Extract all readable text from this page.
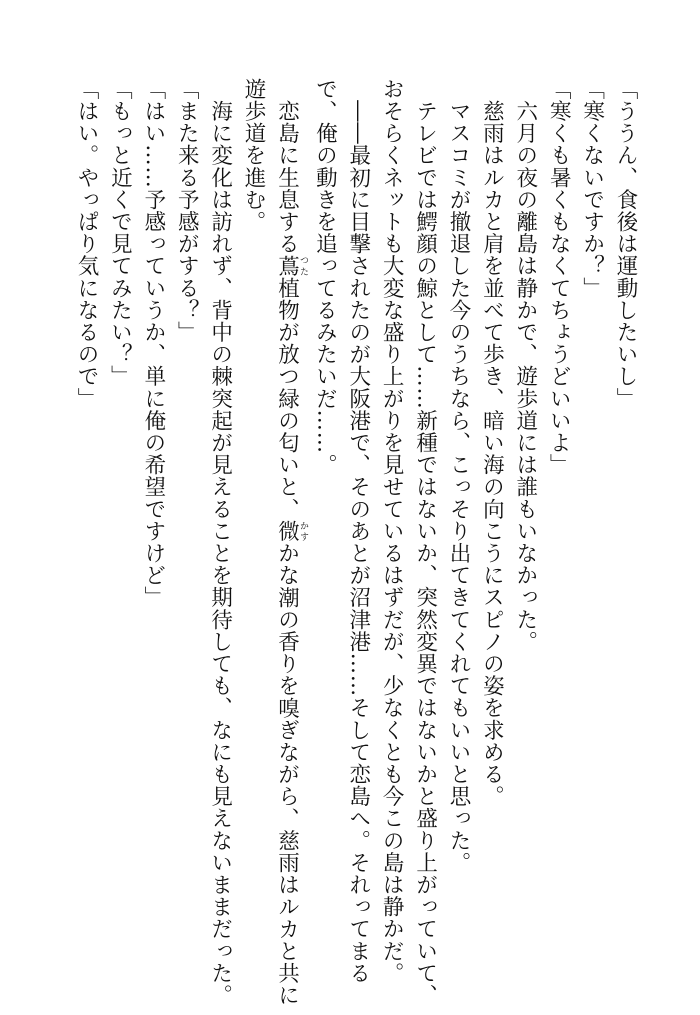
「ううん、食後は運動したいし」
「寒くないですか？」
「寒くも暑くもなくてちょうどいいよ」
　六月の夜の離島は静かで、遊歩道には誰もいなかった。
　慈雨はルカと肩を並べて歩き、暗い海の向こうにスピノの姿を求める。
　マスコミが撤退した今のうちなら、こっそり出てきてくれてもいいと思った。
　テレビでは鰐顔の鯨として……新種ではないか、突然変異ではないかと盛り上がっていて、
おそらくネットも大変な盛り上がりを見せているはずだが、少なくとも今この島は静かだ。
　――最初に目撃されたのが大阪港で、そのあとが沼津港……そして恋島へ。それってまる
で、俺の動きを追ってるみたいだ……。
　恋島に生息する蔦つた植物が放つ緑の匂いと、微かすかな潮の香りを嗅ぎながら、慈雨はルカと共に
遊歩道を進む。
　海に変化は訪れず、背中の棘突起が見えることを期待しても、なにも見えないままだった。
「また来る予感がする？」
「はい……予感っていうか、単に俺の希望ですけど」
「もっと近くで見てみたい？」
「はい。やっぱり気になるので」
